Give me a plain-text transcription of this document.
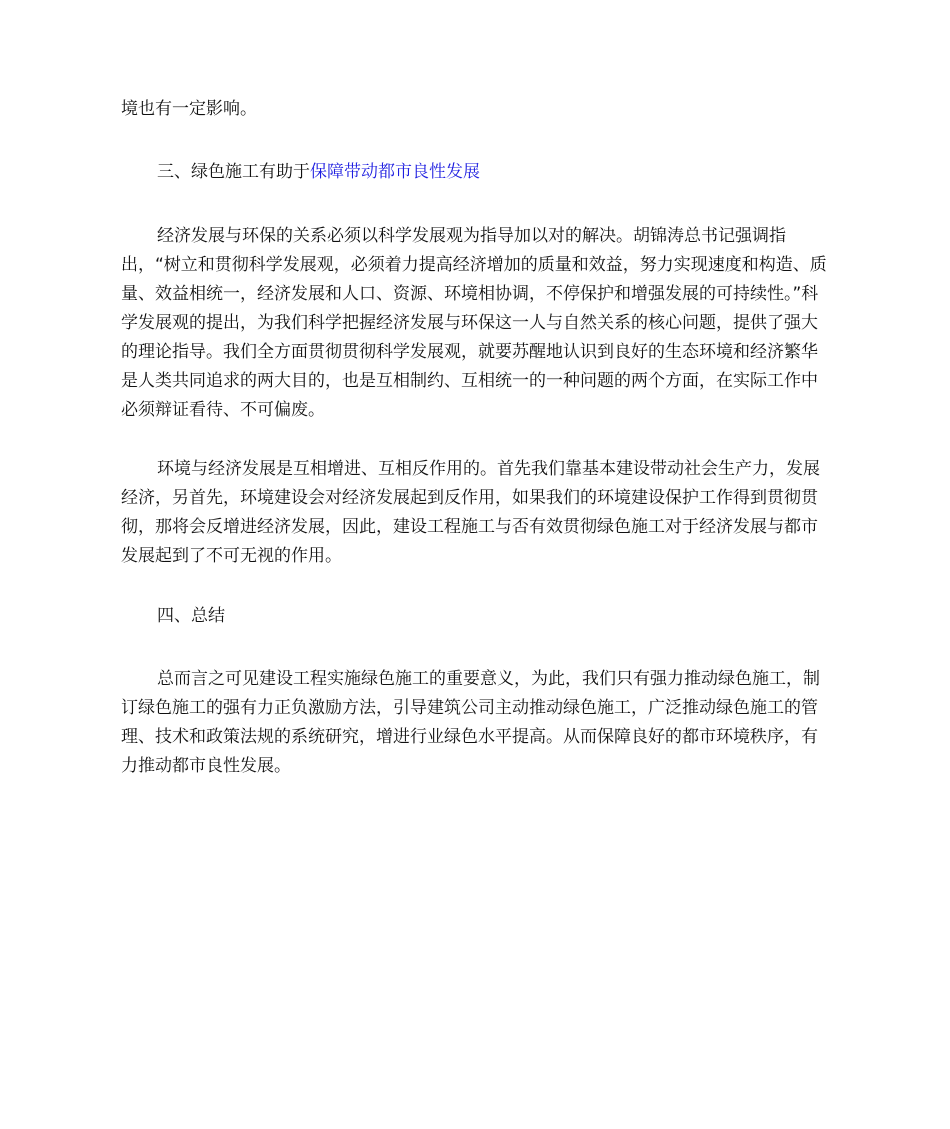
境也有一定影响。

三、绿色施工有助于保障带动都市良性发展

经济发展与环保的关系必须以科学发展观为指导加以对的解决。胡锦涛总书记强调指出，“树立和贯彻科学发展观，必须着力提高经济增加的质量和效益，努力实现速度和构造、质量、效益相统一，经济发展和人口、资源、环境相协调，不停保护和增强发展的可持续性。”科学发展观的提出，为我们科学把握经济发展与环保这一人与自然关系的核心问题，提供了强大的理论指导。我们全方面贯彻贯彻科学发展观，就要苏醒地认识到良好的生态环境和经济繁华是人类共同追求的两大目的，也是互相制约、互相统一的一种问题的两个方面，在实际工作中必须辩证看待、不可偏废。

环境与经济发展是互相增进、互相反作用的。首先我们靠基本建设带动社会生产力，发展经济，另首先，环境建设会对经济发展起到反作用，如果我们的环境建设保护工作得到贯彻贯彻，那将会反增进经济发展，因此，建设工程施工与否有效贯彻绿色施工对于经济发展与都市发展起到了不可无视的作用。

四、总结

总而言之可见建设工程实施绿色施工的重要意义，为此，我们只有强力推动绿色施工，制订绿色施工的强有力正负激励方法，引导建筑公司主动推动绿色施工，广泛推动绿色施工的管理、技术和政策法规的系统研究，增进行业绿色水平提高。从而保障良好的都市环境秩序，有力推动都市良性发展。
